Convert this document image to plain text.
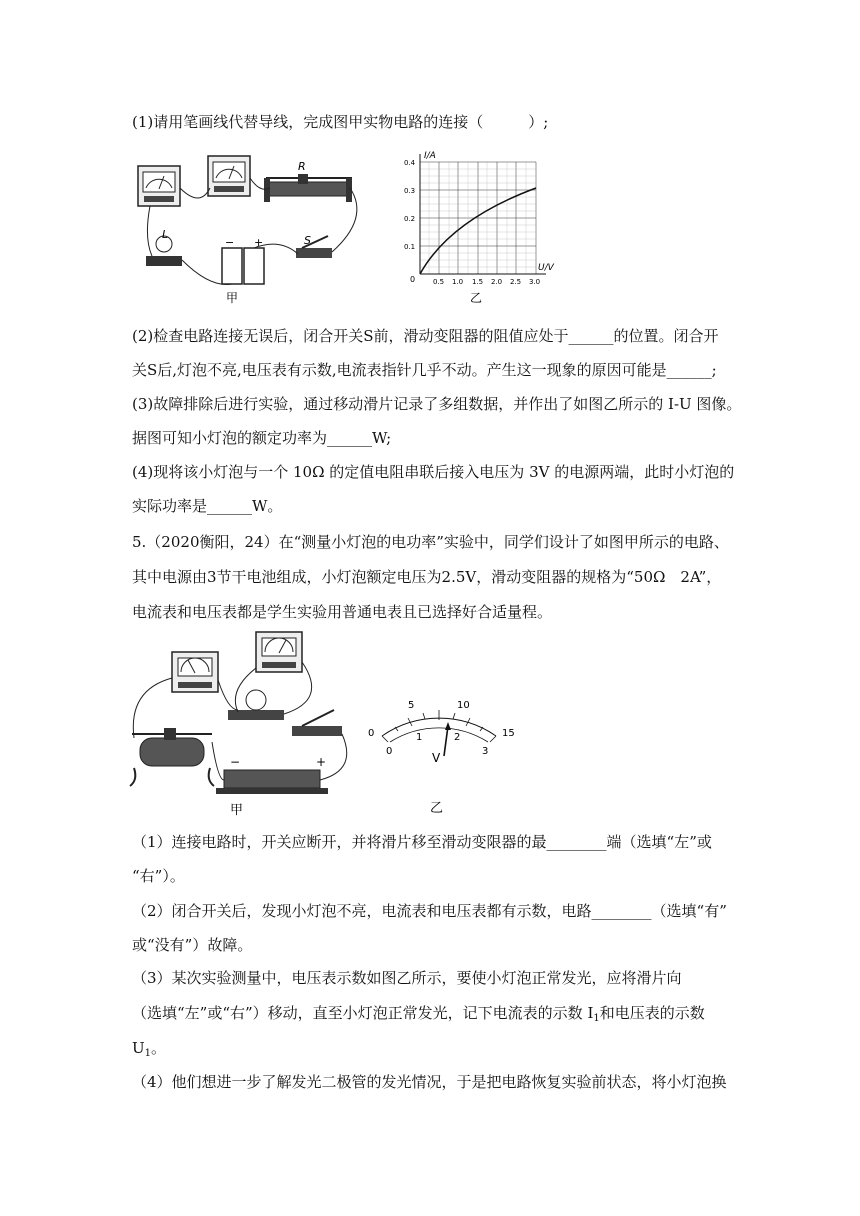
(1)请用笔画线代替导线，完成图甲实物电路的连接（　　　）;
R
L
− +	S
甲
I/A
U/V
0
0.1
0.2
0.3
0.4
0.5 1.0 1.5 2.0 2.5 3.0
乙
(2)检查电路连接无误后，闭合开关S前，滑动变阻器的阻值应处于______的位置。闭合开
关S后,灯泡不亮,电压表有示数,电流表指针几乎不动。产生这一现象的原因可能是______;
(3)故障排除后进行实验，通过移动滑片记录了多组数据，并作出了如图乙所示的 I-U 图像。
据图可知小灯泡的额定功率为______W;
(4)现将该小灯泡与一个 10Ω 的定值电阻串联后接入电压为 3V 的电源两端，此时小灯泡的
实际功率是______W。
5.（2020衡阳，24）在“测量小灯泡的电功率”实验中，同学们设计了如图甲所示的电路、
其中电源由3节干电池组成，小灯泡额定电压为2.5V，滑动变阻器的规格为“50Ω　2A”，
电流表和电压表都是学生实验用普通电表且已选择好合适量程。
−	+
甲
0
5	10
15
0
1	2
3
V
乙
（1）连接电路时，开关应断开，并将滑片移至滑动变限器的最________端（选填“左”或
“右”）。
（2）闭合开关后，发现小灯泡不亮，电流表和电压表都有示数，电路________（选填“有”
或“没有”）故障。
（3）某次实验测量中，电压表示数如图乙所示，要使小灯泡正常发光，应将滑片向
（选填“左”或“右”）移动，直至小灯泡正常发光，记下电流表的示数 $I_1$和电压表的示数
$U_1$。
（4）他们想进一步了解发光二极管的发光情况，于是把电路恢复实验前状态，将小灯泡换
